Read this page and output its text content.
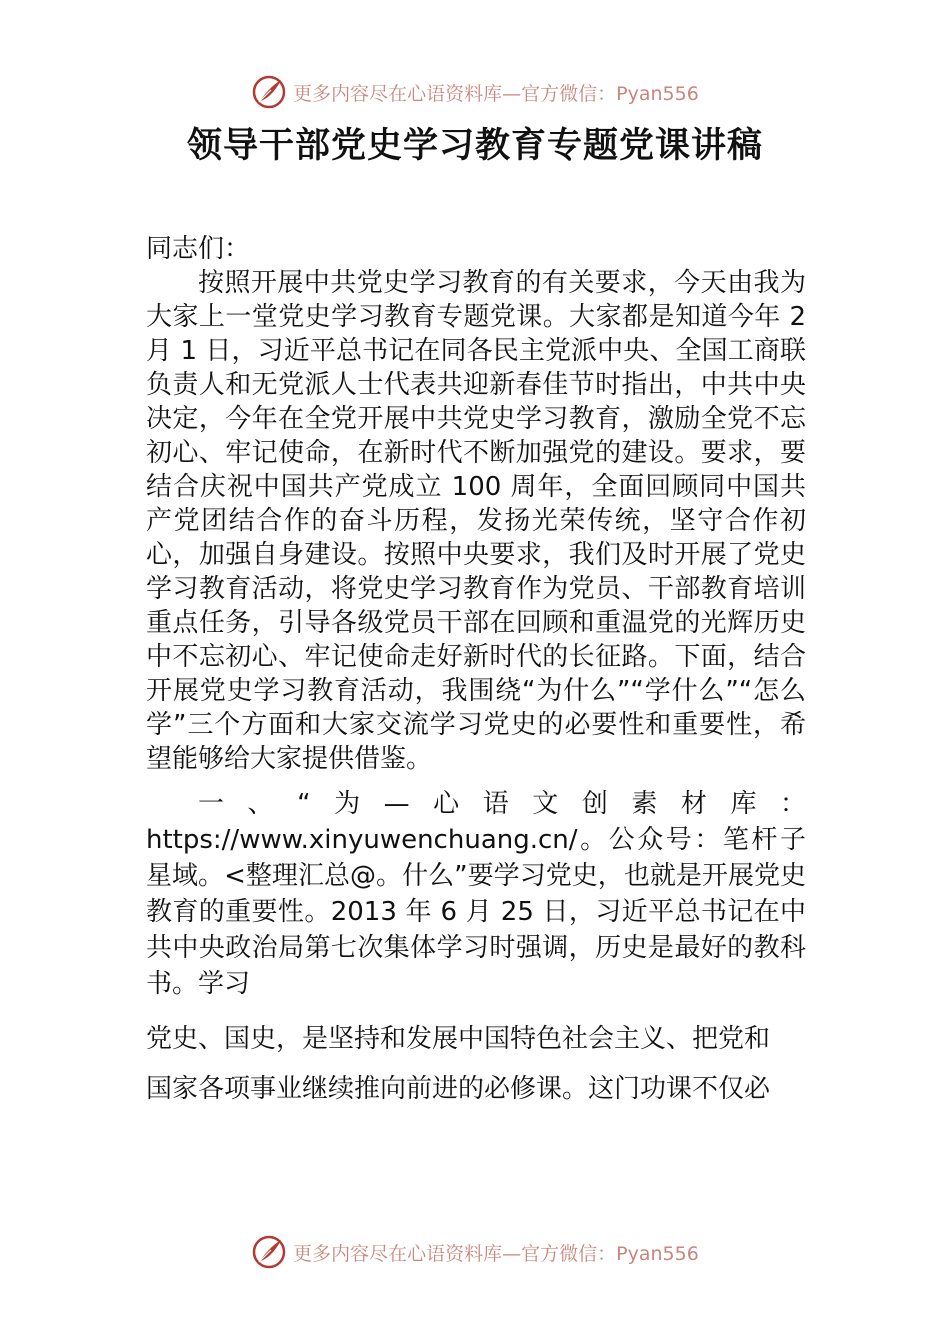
更多内容尽在心语资料库—官方微信：Pyan556
领导干部党史学习教育专题党课讲稿

同志们：

按照开展中共党史学习教育的有关要求，今天由我为大家上一堂党史学习教育专题党课。大家都是知道今年 2 月 1 日，习近平总书记在同各民主党派中央、全国工商联负责人和无党派人士代表共迎新春佳节时指出，中共中央决定，今年在全党开展中共党史学习教育，激励全党不忘初心、牢记使命，在新时代不断加强党的建设。要求，要结合庆祝中国共产党成立 100 周年，全面回顾同中国共产党团结合作的奋斗历程，发扬光荣传统，坚守合作初心，加强自身建设。按照中央要求，我们及时开展了党史学习教育活动，将党史学习教育作为党员、干部教育培训重点任务，引导各级党员干部在回顾和重温党的光辉历史中不忘初心、牢记使命走好新时代的长征路。下面，结合开展党史学习教育活动，我围绕“为什么”“学什么”“怎么学”三个方面和大家交流学习党史的必要性和重要性，希望能够给大家提供借鉴。

一、“为—心语文创素材库：https://www.xinyuwenchuang.cn/。公众号：笔杆子星域。<整理汇总@。什么”要学习党史，也就是开展党史教育的重要性。2013 年 6 月 25 日，习近平总书记在中共中央政治局第七次集体学习时强调，历史是最好的教科书。学习

党史、国史，是坚持和发展中国特色社会主义、把党和

国家各项事业继续推向前进的必修课。这门功课不仅必

更多内容尽在心语资料库—官方微信：Pyan556
